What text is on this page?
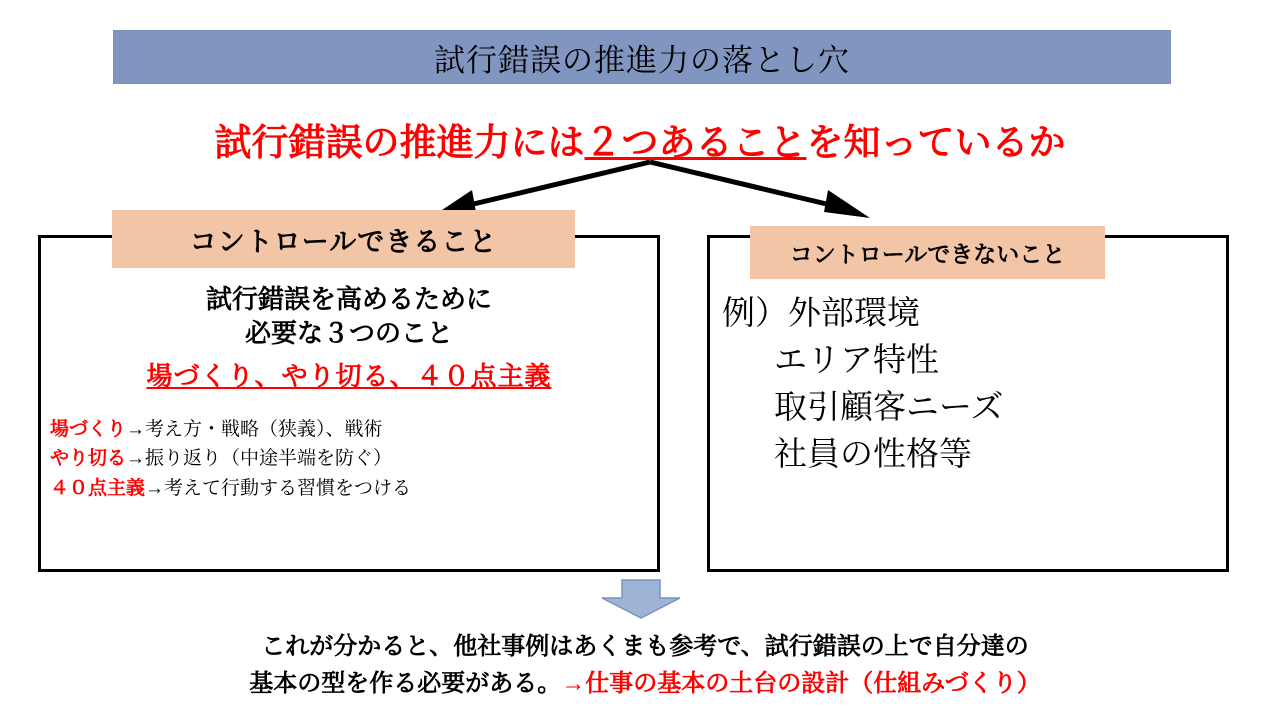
試行錯誤の推進力の落とし穴
試行錯誤の推進力には２つあることを知っているか
コントロールできること	コントロールできないこと
試行錯誤を高めるために
必要な３つのこと
場づくり、やり切る、４０点主義
場づくり→考え方・戦略（狭義）、戦術
やり切る→振り返り（中途半端を防ぐ）
４０点主義→考えて行動する習慣をつける
例）外部環境
エリア特性
取引顧客ニーズ
社員の性格等
これが分かると、他社事例はあくまも参考で、試行錯誤の上で自分達の
基本の型を作る必要がある。→仕事の基本の土台の設計（仕組みづくり）
